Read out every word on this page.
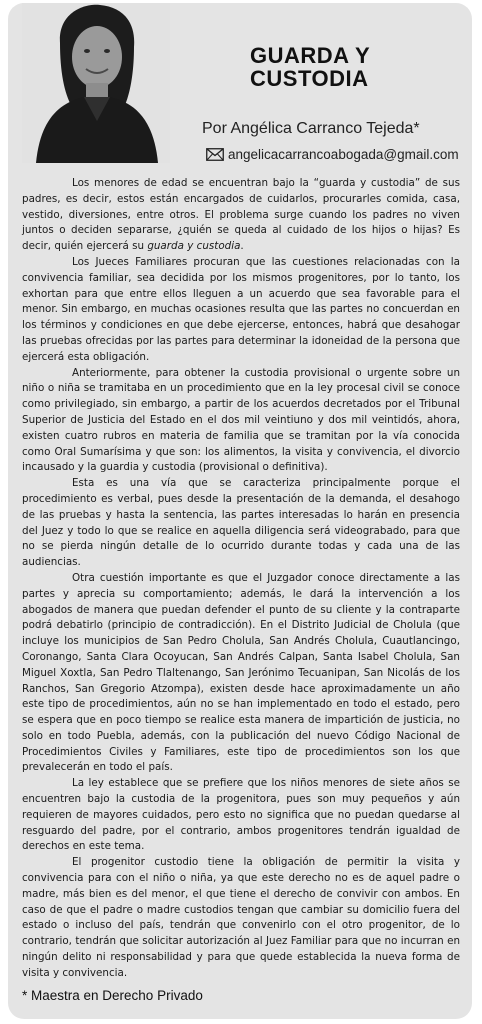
GUARDA Y
CUSTODIA
Por Angélica Carranco Tejeda*
angelicacarrancoabogada@gmail.com

Los menores de edad se encuentran bajo la “guarda y custodia” de sus padres, es decir, estos están encargados de cuidarlos, procurarles comida, casa, vestido, diversiones, entre otros. El problema surge cuando los padres no viven juntos o deciden separarse, ¿quién se queda al cuidado de los hijos o hijas? Es decir, quién ejercerá su guarda y custodia.

Los Jueces Familiares procuran que las cuestiones relacionadas con la convivencia familiar, sea decidida por los mismos progenitores, por lo tanto, los exhortan para que entre ellos lleguen a un acuerdo que sea favorable para el menor. Sin embargo, en muchas ocasiones resulta que las partes no concuerdan en los términos y condiciones en que debe ejercerse, entonces, habrá que desahogar las pruebas ofrecidas por las partes para determinar la idoneidad de la persona que ejercerá esta obligación.

Anteriormente, para obtener la custodia provisional o urgente sobre un niño o niña se tramitaba en un procedimiento que en la ley procesal civil se conoce como privilegiado, sin embargo, a partir de los acuerdos decretados por el Tribunal Superior de Justicia del Estado en el dos mil veintiuno y dos mil veintidós, ahora, existen cuatro rubros en materia de familia que se tramitan por la vía conocida como Oral Sumarísima y que son: los alimentos, la visita y convivencia, el divorcio incausado y la guardia y custodia (provisional o definitiva).

Esta es una vía que se caracteriza principalmente porque el procedimiento es verbal, pues desde la presentación de la demanda, el desahogo de las pruebas y hasta la sentencia, las partes interesadas lo harán en presencia del Juez y todo lo que se realice en aquella diligencia será videograbado, para que no se pierda ningún detalle de lo ocurrido durante todas y cada una de las audiencias.

Otra cuestión importante es que el Juzgador conoce directamente a las partes y aprecia su comportamiento; además, le dará la intervención a los abogados de manera que puedan defender el punto de su cliente y la contraparte podrá debatirlo (principio de contradicción). En el Distrito Judicial de Cholula (que incluye los municipios de San Pedro Cholula, San Andrés Cholula, Cuautlancingo, Coronango, Santa Clara Ocoyucan, San Andrés Calpan, Santa Isabel Cholula, San Miguel Xoxtla, San Pedro Tlaltenango, San Jerónimo Tecuanipan, San Nicolás de los Ranchos, San Gregorio Atzompa), existen desde hace aproximadamente un año este tipo de procedimientos, aún no se han implementado en todo el estado, pero se espera que en poco tiempo se realice esta manera de impartición de justicia, no solo en todo Puebla, además, con la publicación del nuevo Código Nacional de Procedimientos Civiles y Familiares, este tipo de procedimientos son los que prevalecerán en todo el país.

La ley establece que se prefiere que los niños menores de siete años se encuentren bajo la custodia de la progenitora, pues son muy pequeños y aún requieren de mayores cuidados, pero esto no significa que no puedan quedarse al resguardo del padre, por el contrario, ambos progenitores tendrán igualdad de derechos en este tema.

El progenitor custodio tiene la obligación de permitir la visita y convivencia para con el niño o niña, ya que este derecho no es de aquel padre o madre, más bien es del menor, el que tiene el derecho de convivir con ambos. En caso de que el padre o madre custodios tengan que cambiar su domicilio fuera del estado o incluso del país, tendrán que convenirlo con el otro progenitor, de lo contrario, tendrán que solicitar autorización al Juez Familiar para que no incurran en ningún delito ni responsabilidad y para que quede establecida la nueva forma de visita y convivencia.

* Maestra en Derecho Privado
